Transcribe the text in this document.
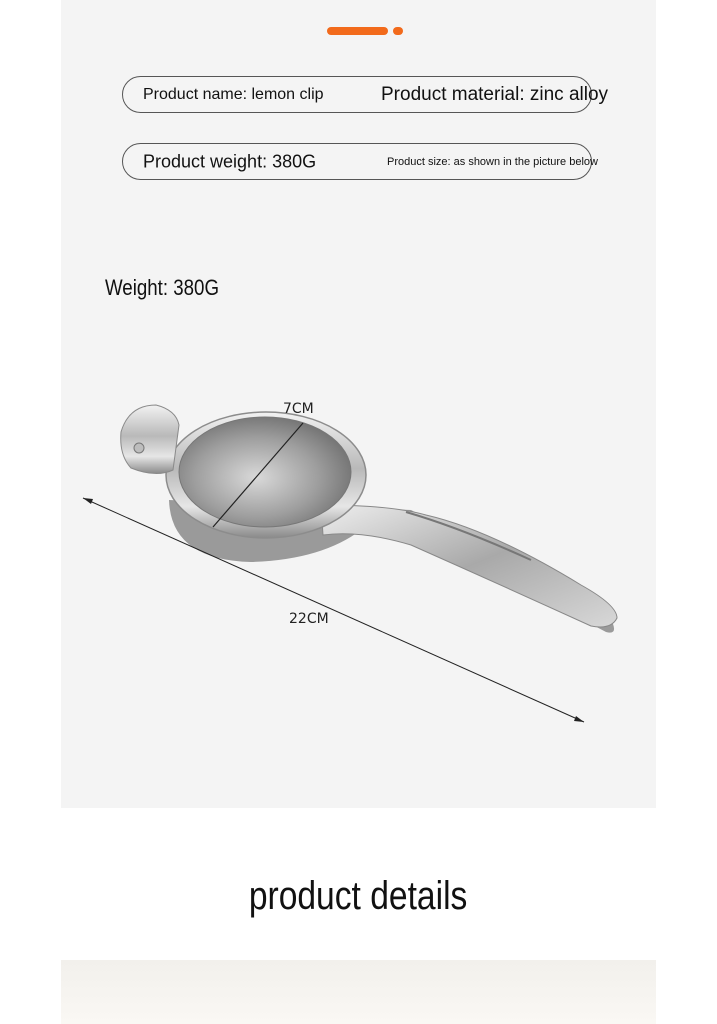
Product name: lemon clip	Product material: zinc alloy
Product weight: 380G	Product size: as shown in the picture below
Weight: 380G
7CM
22CM
product details
